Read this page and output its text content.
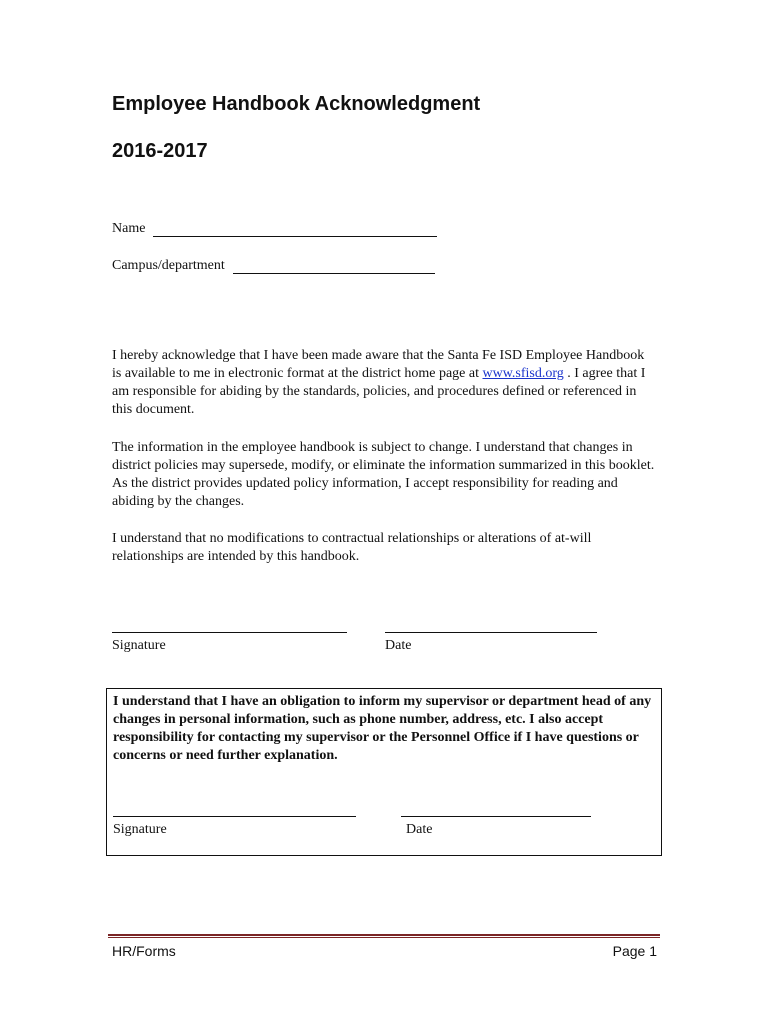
Employee Handbook Acknowledgment
2016-2017
Name
Campus/department
I hereby acknowledge that I have been made aware that the Santa Fe ISD Employee Handbook is available to me in electronic format at the district home page at www.sfisd.org . I agree that I am responsible for abiding by the standards, policies, and procedures defined or referenced in this document.
The information in the employee handbook is subject to change. I understand that changes in district policies may supersede, modify, or eliminate the information summarized in this booklet. As the district provides updated policy information, I accept responsibility for reading and abiding by the changes.
I understand that no modifications to contractual relationships or alterations of at-will relationships are intended by this handbook.
Signature	Date
I understand that I have an obligation to inform my supervisor or department head of any changes in personal information, such as phone number, address, etc. I also accept responsibility for contacting my supervisor or the Personnel Office if I have questions or concerns or need further explanation.
Signature	Date
HR/Forms	Page 1
